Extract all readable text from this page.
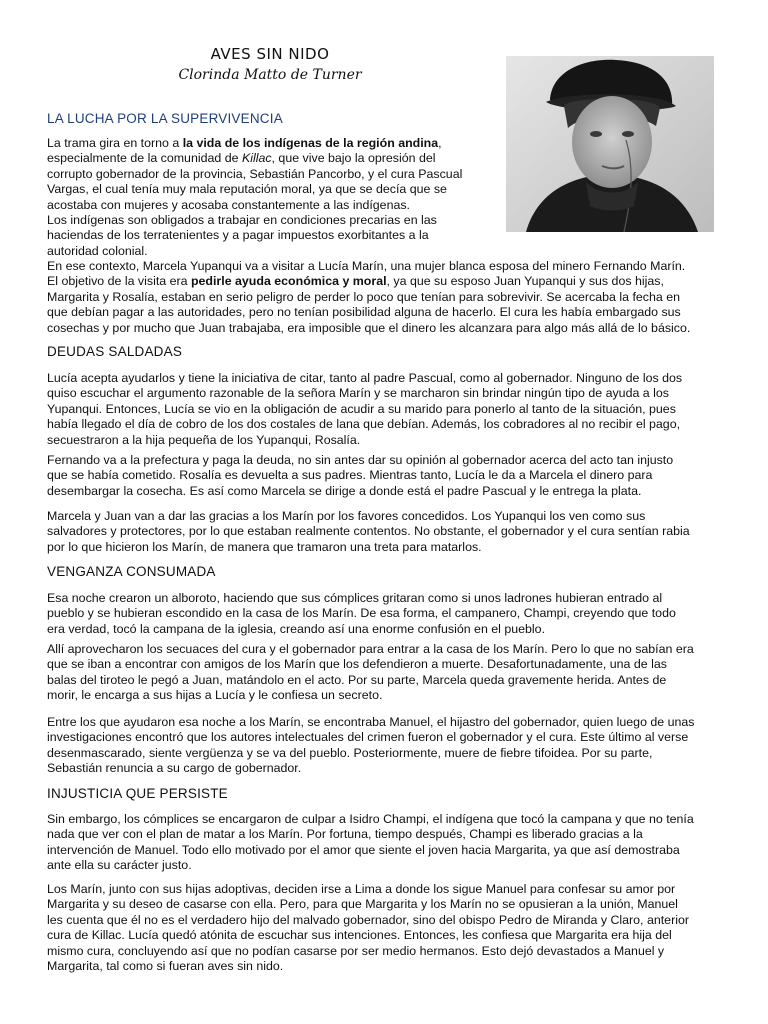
AVES SIN NIDO
Clorinda Matto de Turner
LA LUCHA POR LA SUPERVIVENCIA
La trama gira en torno a la vida de los indígenas de la región andina,
especialmente de la comunidad de Killac, que vive bajo la opresión del
corrupto gobernador de la provincia, Sebastián Pancorbo, y el cura Pascual
Vargas, el cual tenía muy mala reputación moral, ya que se decía que se
acostaba con mujeres y acosaba constantemente a las indígenas.
Los indígenas son obligados a trabajar en condiciones precarias en las
haciendas de los terratenientes y a pagar impuestos exorbitantes a la
autoridad colonial.
En ese contexto, Marcela Yupanqui va a visitar a Lucía Marín, una mujer blanca esposa del minero Fernando Marín.
El objetivo de la visita era pedirle ayuda económica y moral, ya que su esposo Juan Yupanqui y sus dos hijas,
Margarita y Rosalía, estaban en serio peligro de perder lo poco que tenían para sobrevivir. Se acercaba la fecha en
que debían pagar a las autoridades, pero no tenían posibilidad alguna de hacerlo. El cura les había embargado sus
cosechas y por mucho que Juan trabajaba, era imposible que el dinero les alcanzara para algo más allá de lo básico.
DEUDAS SALDADAS
Lucía acepta ayudarlos y tiene la iniciativa de citar, tanto al padre Pascual, como al gobernador. Ninguno de los dos
quiso escuchar el argumento razonable de la señora Marín y se marcharon sin brindar ningún tipo de ayuda a los
Yupanqui. Entonces, Lucía se vio en la obligación de acudir a su marido para ponerlo al tanto de la situación, pues
había llegado el día de cobro de los dos costales de lana que debían. Además, los cobradores al no recibir el pago,
secuestraron a la hija pequeña de los Yupanqui, Rosalía.
Fernando va a la prefectura y paga la deuda, no sin antes dar su opinión al gobernador acerca del acto tan injusto
que se había cometido. Rosalía es devuelta a sus padres. Mientras tanto, Lucía le da a Marcela el dinero para
desembargar la cosecha. Es así como Marcela se dirige a donde está el padre Pascual y le entrega la plata.
Marcela y Juan van a dar las gracias a los Marín por los favores concedidos. Los Yupanqui los ven como sus
salvadores y protectores, por lo que estaban realmente contentos. No obstante, el gobernador y el cura sentían rabia
por lo que hicieron los Marín, de manera que tramaron una treta para matarlos.
VENGANZA CONSUMADA
Esa noche crearon un alboroto, haciendo que sus cómplices gritaran como si unos ladrones hubieran entrado al
pueblo y se hubieran escondido en la casa de los Marín. De esa forma, el campanero, Champi, creyendo que todo
era verdad, tocó la campana de la iglesia, creando así una enorme confusión en el pueblo.
Allí aprovecharon los secuaces del cura y el gobernador para entrar a la casa de los Marín. Pero lo que no sabían era
que se iban a encontrar con amigos de los Marín que los defendieron a muerte. Desafortunadamente, una de las
balas del tiroteo le pegó a Juan, matándolo en el acto. Por su parte, Marcela queda gravemente herida. Antes de
morir, le encarga a sus hijas a Lucía y le confiesa un secreto.
Entre los que ayudaron esa noche a los Marín, se encontraba Manuel, el hijastro del gobernador, quien luego de unas
investigaciones encontró que los autores intelectuales del crimen fueron el gobernador y el cura. Este último al verse
desenmascarado, siente vergüenza y se va del pueblo. Posteriormente, muere de fiebre tifoidea. Por su parte,
Sebastián renuncia a su cargo de gobernador.
INJUSTICIA QUE PERSISTE
Sin embargo, los cómplices se encargaron de culpar a Isidro Champi, el indígena que tocó la campana y que no tenía
nada que ver con el plan de matar a los Marín. Por fortuna, tiempo después, Champi es liberado gracias a la
intervención de Manuel. Todo ello motivado por el amor que siente el joven hacia Margarita, ya que así demostraba
ante ella su carácter justo.
Los Marín, junto con sus hijas adoptivas, deciden irse a Lima a donde los sigue Manuel para confesar su amor por
Margarita y su deseo de casarse con ella. Pero, para que Margarita y los Marín no se opusieran a la unión, Manuel
les cuenta que él no es el verdadero hijo del malvado gobernador, sino del obispo Pedro de Miranda y Claro, anterior
cura de Killac. Lucía quedó atónita de escuchar sus intenciones. Entonces, les confiesa que Margarita era hija del
mismo cura, concluyendo así que no podían casarse por ser medio hermanos. Esto dejó devastados a Manuel y
Margarita, tal como si fueran aves sin nido.
